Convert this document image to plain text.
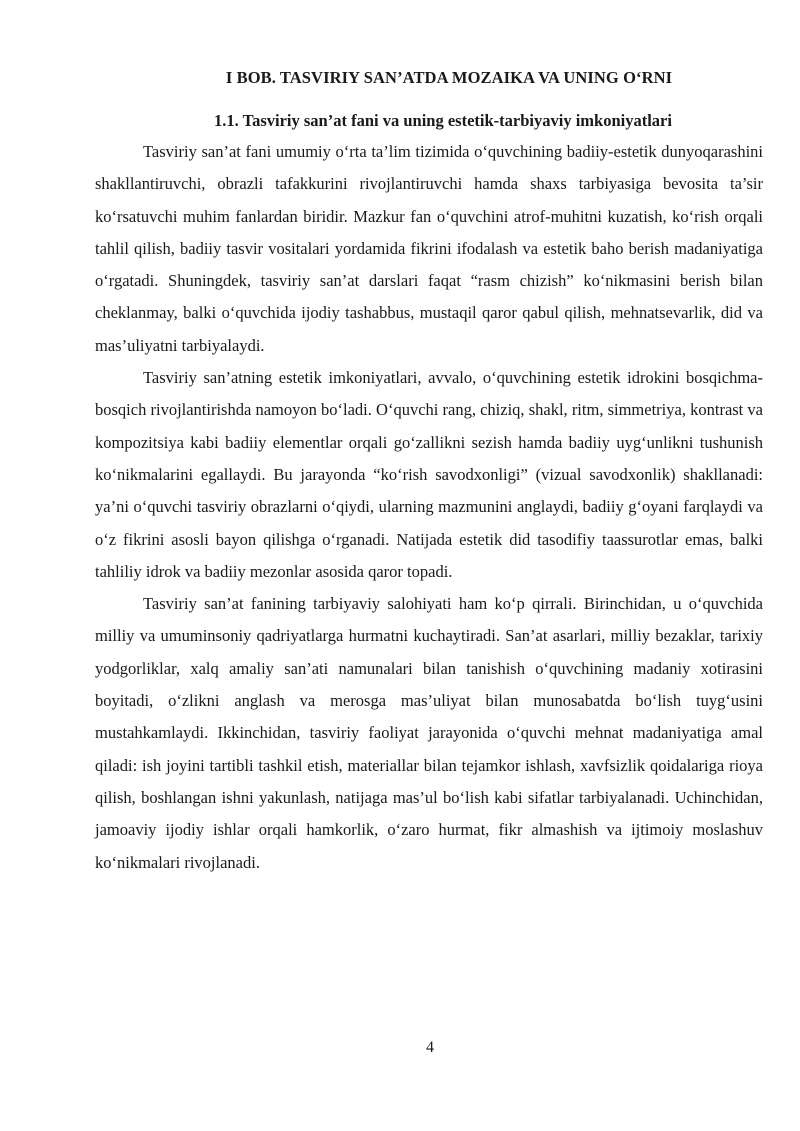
I BOB. TASVIRIY SAN’ATDA MOZAIKA VA UNING O‘RNI
1.1. Tasviriy san’at fani va uning estetik-tarbiyaviy imkoniyatlari

Tasviriy san’at fani umumiy o‘rta ta’lim tizimida o‘quvchining badiiy-estetik dunyoqarashini shakllantiruvchi, obrazli tafakkurini rivojlantiruvchi hamda shaxs tarbiyasiga bevosita ta’sir ko‘rsatuvchi muhim fanlardan biridir. Mazkur fan o‘quvchini atrof-muhitni kuzatish, ko‘rish orqali tahlil qilish, badiiy tasvir vositalari yordamida fikrini ifodalash va estetik baho berish madaniyatiga o‘rgatadi. Shuningdek, tasviriy san’at darslari faqat “rasm chizish” ko‘nikmasini berish bilan cheklanmay, balki o‘quvchida ijodiy tashabbus, mustaqil qaror qabul qilish, mehnatsevarlik, did va mas’uliyatni tarbiyalaydi.

Tasviriy san’atning estetik imkoniyatlari, avvalo, o‘quvchining estetik idrokini bosqichma-bosqich rivojlantirishda namoyon bo‘ladi. O‘quvchi rang, chiziq, shakl, ritm, simmetriya, kontrast va kompozitsiya kabi badiiy elementlar orqali go‘zallikni sezish hamda badiiy uyg‘unlikni tushunish ko‘nikmalarini egallaydi. Bu jarayonda “ko‘rish savodxonligi” (vizual savodxonlik) shakllanadi: ya’ni o‘quvchi tasviriy obrazlarni o‘qiydi, ularning mazmunini anglaydi, badiiy g‘oyani farqlaydi va o‘z fikrini asosli bayon qilishga o‘rganadi. Natijada estetik did tasodifiy taassurotlar emas, balki tahliliy idrok va badiiy mezonlar asosida qaror topadi.

Tasviriy san’at fanining tarbiyaviy salohiyati ham ko‘p qirrali. Birinchidan, u o‘quvchida milliy va umuminsoniy qadriyatlarga hurmatni kuchaytiradi. San’at asarlari, milliy bezaklar, tarixiy yodgorliklar, xalq amaliy san’ati namunalari bilan tanishish o‘quvchining madaniy xotirasini boyitadi, o‘zlikni anglash va merosga mas’uliyat bilan munosabatda bo‘lish tuyg‘usini mustahkamlaydi. Ikkinchidan, tasviriy faoliyat jarayonida o‘quvchi mehnat madaniyatiga amal qiladi: ish joyini tartibli tashkil etish, materiallar bilan tejamkor ishlash, xavfsizlik qoidalariga rioya qilish, boshlangan ishni yakunlash, natijaga mas’ul bo‘lish kabi sifatlar tarbiyalanadi. Uchinchidan, jamoaviy ijodiy ishlar orqali hamkorlik, o‘zaro hurmat, fikr almashish va ijtimoiy moslashuv ko‘nikmalari rivojlanadi.

4
